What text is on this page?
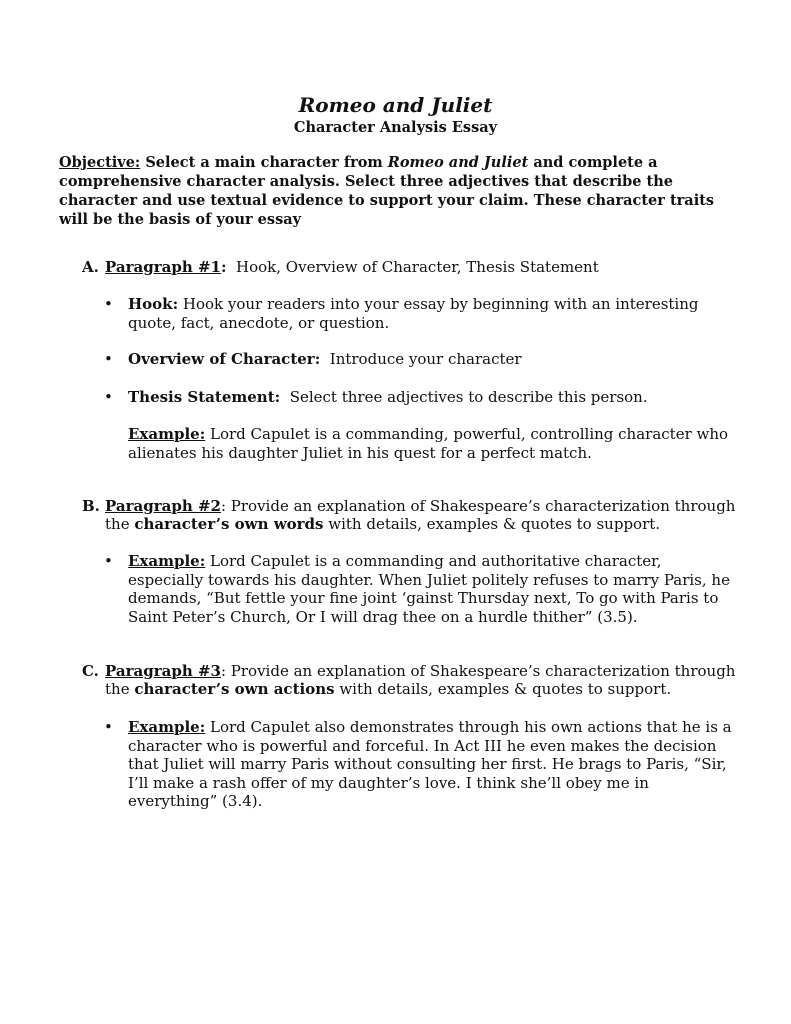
Romeo and Juliet
Character Analysis Essay
Objective: Select a main character from Romeo and Juliet and complete a comprehensive character analysis. Select three adjectives that describe the character and use textual evidence to support your claim. These character traits will be the basis of your essay
A. Paragraph #1:  Hook, Overview of Character, Thesis Statement
• Hook: Hook your readers into your essay by beginning with an interesting quote, fact, anecdote, or question.
• Overview of Character:  Introduce your character
• Thesis Statement:  Select three adjectives to describe this person.
Example: Lord Capulet is a commanding, powerful, controlling character who alienates his daughter Juliet in his quest for a perfect match.
B. Paragraph #2: Provide an explanation of Shakespeare’s characterization through the character’s own words with details, examples & quotes to support.
• Example: Lord Capulet is a commanding and authoritative character, especially towards his daughter. When Juliet politely refuses to marry Paris, he demands, “But fettle your fine joint ‘gainst Thursday next, To go with Paris to Saint Peter’s Church, Or I will drag thee on a hurdle thither” (3.5).
C. Paragraph #3: Provide an explanation of Shakespeare’s characterization through the character’s own actions with details, examples & quotes to support.
• Example: Lord Capulet also demonstrates through his own actions that he is a character who is powerful and forceful. In Act III he even makes the decision that Juliet will marry Paris without consulting her first. He brags to Paris, “Sir, I’ll make a rash offer of my daughter’s love. I think she’ll obey me in everything” (3.4).
